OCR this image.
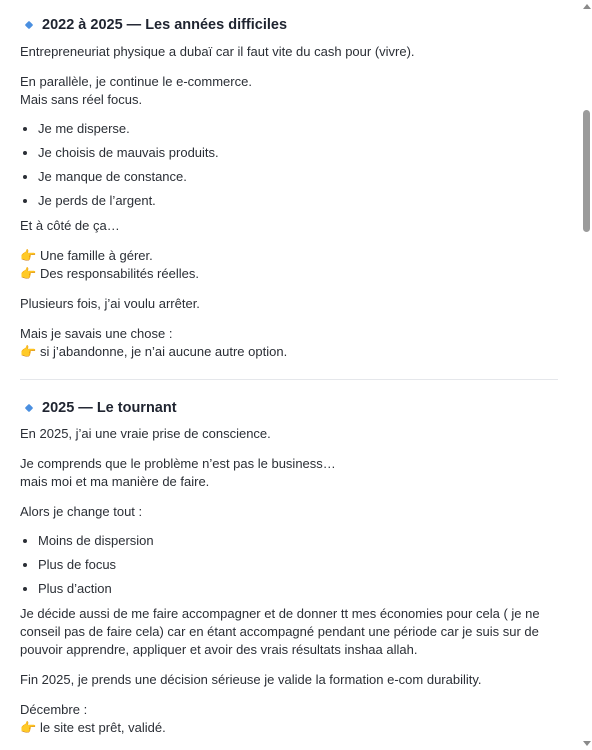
2022 à 2025 — Les années difficiles

Entrepreneuriat physique a dubaï car il faut vite du cash pour (vivre).

En parallèle, je continue le e-commerce.
Mais sans réel focus.

• Je me disperse.
• Je choisis de mauvais produits.
• Je manque de constance.
• Je perds de l’argent.

Et à côté de ça…

👉 Une famille à gérer.
👉 Des responsabilités réelles.

Plusieurs fois, j’ai voulu arrêter.

Mais je savais une chose :
👉 si j’abandonne, je n’ai aucune autre option.

2025 — Le tournant

En 2025, j’ai une vraie prise de conscience.

Je comprends que le problème n’est pas le business…
mais moi et ma manière de faire.

Alors je change tout :

• Moins de dispersion
• Plus de focus
• Plus d’action

Je décide aussi de me faire accompagner et de donner tt mes économies pour cela ( je ne
conseil pas de faire cela) car en étant accompagné pendant une période car je suis sur de
pouvoir apprendre, appliquer et avoir des vrais résultats inshaa allah.

Fin 2025, je prends une décision sérieuse je valide la formation e-com durability.

Décembre :
👉 le site est prêt, validé.
